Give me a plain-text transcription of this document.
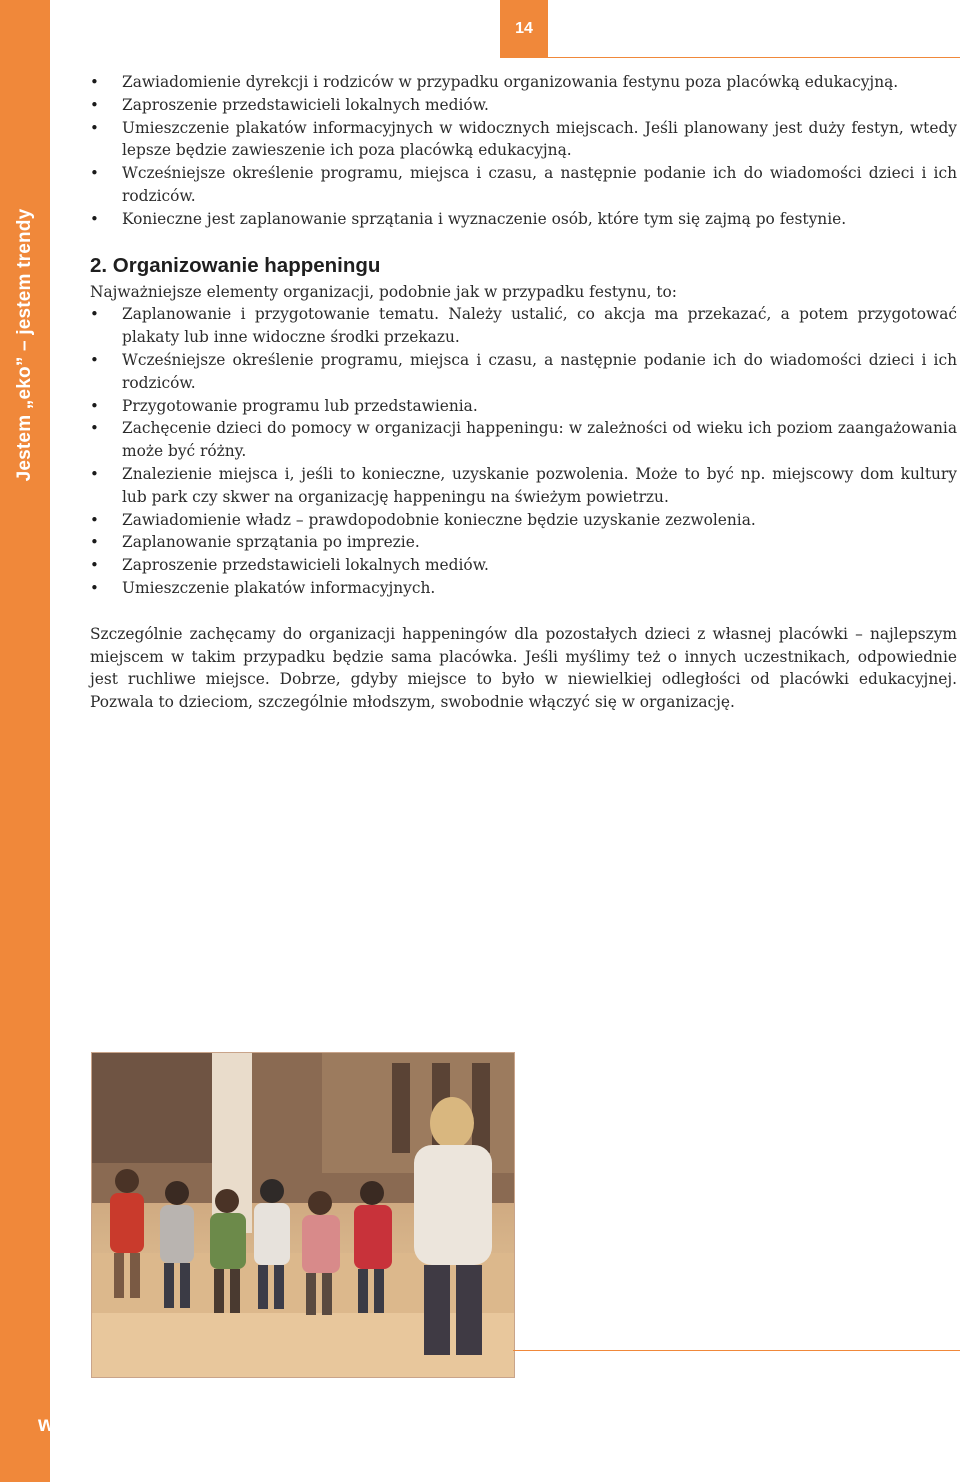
Jestem „eko” – jestem trendy
14
• Zawiadomienie dyrekcji i rodziców w przypadku organizowania festynu poza placówką edukacyjną.
• Zaproszenie przedstawicieli lokalnych mediów.
• Umieszczenie plakatów informacyjnych w widocznych miejscach. Jeśli planowany jest duży festyn, wtedy lepsze będzie zawieszenie ich poza placówką edukacyjną.
• Wcześniejsze określenie programu, miejsca i czasu, a następnie podanie ich do wiadomości dzieci i ich rodziców.
• Konieczne jest zaplanowanie sprzątania i wyznaczenie osób, które tym się zajmą po festynie.
2. Organizowanie happeningu

Najważniejsze elementy organizacji, podobnie jak w przypadku festynu, to:

• Zaplanowanie i przygotowanie tematu. Należy ustalić, co akcja ma przekazać, a potem przygotować plakaty lub inne widoczne środki przekazu.
• Wcześniejsze określenie programu, miejsca i czasu, a następnie podanie ich do wiadomości dzieci i ich rodziców.
• Przygotowanie programu lub przedstawienia.
• Zachęcenie dzieci do pomocy w organizacji happeningu: w zależności od wieku ich poziom zaangażowania może być różny.
• Znalezienie miejsca i, jeśli to konieczne, uzyskanie pozwolenia. Może to być np. miejscowy dom kultury lub park czy skwer na organizację happeningu na świeżym powietrzu.
• Zawiadomienie władz – prawdopodobnie konieczne będzie uzyskanie zezwolenia.
• Zaplanowanie sprzątania po imprezie.
• Zaproszenie przedstawicieli lokalnych mediów.
• Umieszczenie plakatów informacyjnych.

Szczególnie zachęcamy do organizacji happeningów dla pozostałych dzieci z własnej placówki – najlepszym miejscem w takim przypadku będzie sama placówka. Jeśli myślimy też o innych uczestnikach, odpowiednie jest ruchliwe miejsce. Dobrze, gdyby miejsce to było w niewielkiej odległości od placówki edukacyjnej. Pozwala to dzieciom, szczególnie młodszym, swobodnie włączyć się w organizację.

www.pgrozwija.pl
